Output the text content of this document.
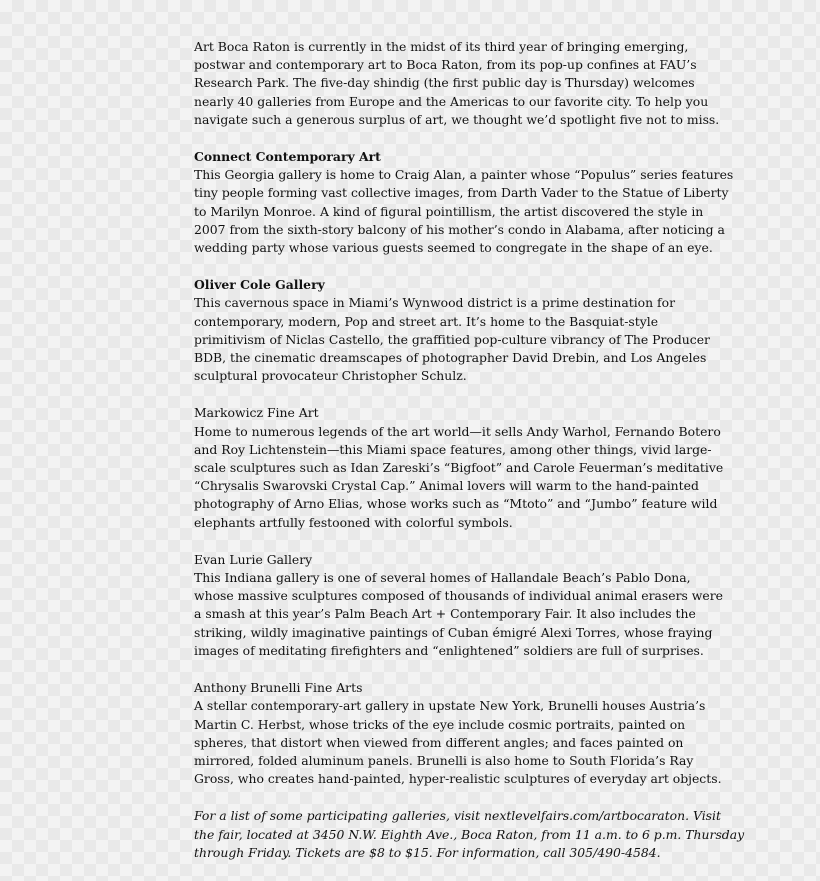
Art Boca Raton is currently in the midst of its third year of bringing emerging,
postwar and contemporary art to Boca Raton, from its pop-up confines at FAU’s
Research Park. The five-day shindig (the first public day is Thursday) welcomes
nearly 40 galleries from Europe and the Americas to our favorite city. To help you
navigate such a generous surplus of art, we thought we’d spotlight five not to miss.

Connect Contemporary Art
This Georgia gallery is home to Craig Alan, a painter whose “Populus” series features
tiny people forming vast collective images, from Darth Vader to the Statue of Liberty
to Marilyn Monroe. A kind of figural pointillism, the artist discovered the style in
2007 from the sixth-story balcony of his mother’s condo in Alabama, after noticing a
wedding party whose various guests seemed to congregate in the shape of an eye.

Oliver Cole Gallery
This cavernous space in Miami’s Wynwood district is a prime destination for
contemporary, modern, Pop and street art. It’s home to the Basquiat-style
primitivism of Niclas Castello, the graffitied pop-culture vibrancy of The Producer
BDB, the cinematic dreamscapes of photographer David Drebin, and Los Angeles
sculptural provocateur Christopher Schulz.

Markowicz Fine Art
Home to numerous legends of the art world—it sells Andy Warhol, Fernando Botero
and Roy Lichtenstein—this Miami space features, among other things, vivid large-
scale sculptures such as Idan Zareski’s “Bigfoot” and Carole Feuerman’s meditative
“Chrysalis Swarovski Crystal Cap.” Animal lovers will warm to the hand-painted
photography of Arno Elias, whose works such as “Mtoto” and “Jumbo” feature wild
elephants artfully festooned with colorful symbols.

Evan Lurie Gallery
This Indiana gallery is one of several homes of Hallandale Beach’s Pablo Dona,
whose massive sculptures composed of thousands of individual animal erasers were
a smash at this year’s Palm Beach Art + Contemporary Fair. It also includes the
striking, wildly imaginative paintings of Cuban émigré Alexi Torres, whose fraying
images of meditating firefighters and “enlightened” soldiers are full of surprises.

Anthony Brunelli Fine Arts
A stellar contemporary-art gallery in upstate New York, Brunelli houses Austria’s
Martin C. Herbst, whose tricks of the eye include cosmic portraits, painted on
spheres, that distort when viewed from different angles; and faces painted on
mirrored, folded aluminum panels. Brunelli is also home to South Florida’s Ray
Gross, who creates hand-painted, hyper-realistic sculptures of everyday art objects.

For a list of some participating galleries, visit nextlevelfairs.com/artbocaraton. Visit
the fair, located at 3450 N.W. Eighth Ave., Boca Raton, from 11 a.m. to 6 p.m. Thursday
through Friday. Tickets are $8 to $15. For information, call 305/490-4584.
